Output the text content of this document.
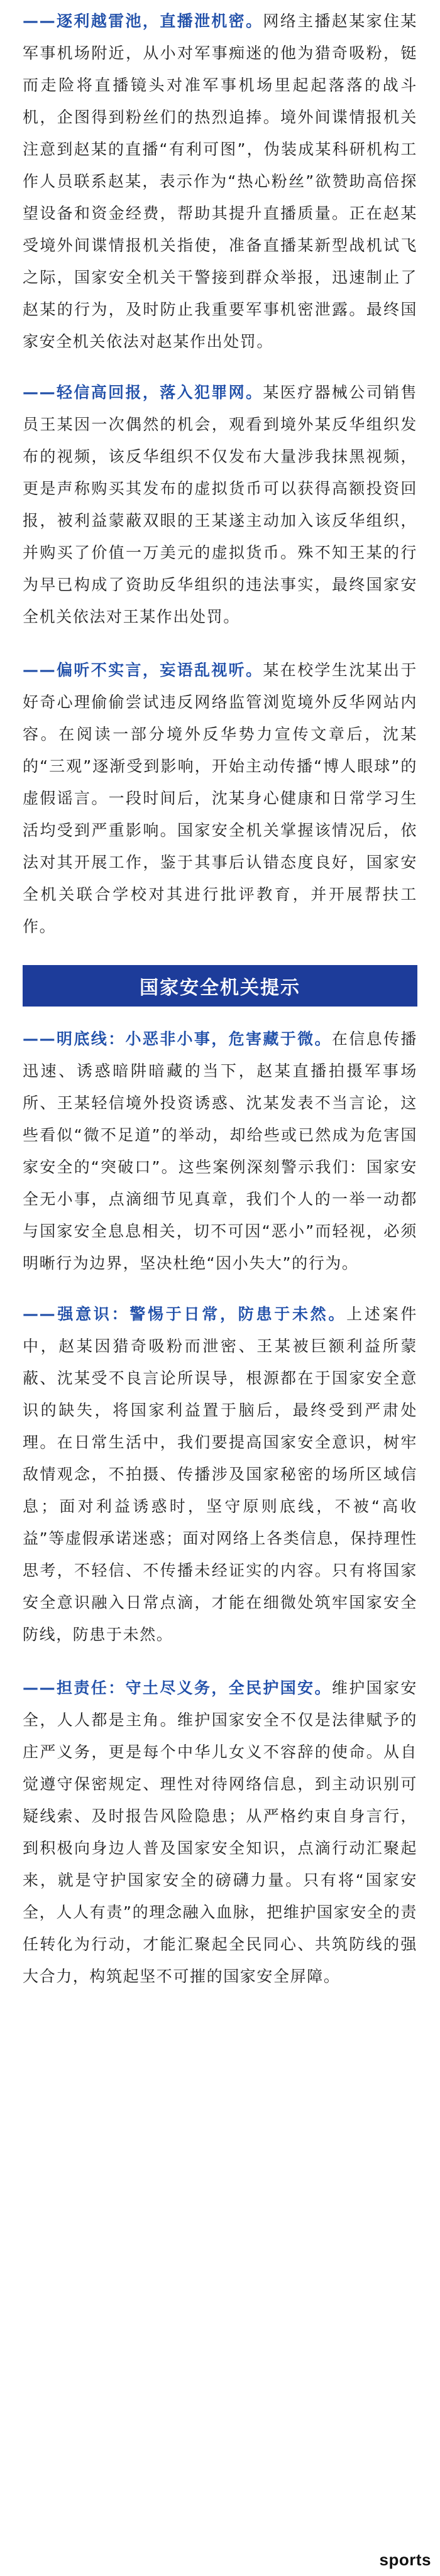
——逐利越雷池，直播泄机密。网络主播赵某家住某军事机场附近，从小对军事痴迷的他为猎奇吸粉，铤而走险将直播镜头对准军事机场里起起落落的战斗机，企图得到粉丝们的热烈追捧。境外间谍情报机关注意到赵某的直播“有利可图”，伪装成某科研机构工作人员联系赵某，表示作为“热心粉丝”欲赞助高倍探望设备和资金经费，帮助其提升直播质量。正在赵某受境外间谍情报机关指使，准备直播某新型战机试飞之际，国家安全机关干警接到群众举报，迅速制止了赵某的行为，及时防止我重要军事机密泄露。最终国家安全机关依法对赵某作出处罚。

——轻信高回报，落入犯罪网。某医疗器械公司销售员王某因一次偶然的机会，观看到境外某反华组织发布的视频，该反华组织不仅发布大量涉我抹黑视频，更是声称购买其发布的虚拟货币可以获得高额投资回报，被利益蒙蔽双眼的王某遂主动加入该反华组织，并购买了价值一万美元的虚拟货币。殊不知王某的行为早已构成了资助反华组织的违法事实，最终国家安全机关依法对王某作出处罚。

——偏听不实言，妄语乱视听。某在校学生沈某出于好奇心理偷偷尝试违反网络监管浏览境外反华网站内容。在阅读一部分境外反华势力宣传文章后，沈某的“三观”逐渐受到影响，开始主动传播“博人眼球”的虚假谣言。一段时间后，沈某身心健康和日常学习生活均受到严重影响。国家安全机关掌握该情况后，依法对其开展工作，鉴于其事后认错态度良好，国家安全机关联合学校对其进行批评教育，并开展帮扶工作。

国家安全机关提示

——明底线：小恶非小事，危害藏于微。在信息传播迅速、诱惑暗阱暗藏的当下，赵某直播拍摄军事场所、王某轻信境外投资诱惑、沈某发表不当言论，这些看似“微不足道”的举动，却给些或已然成为危害国家安全的“突破口”。这些案例深刻警示我们：国家安全无小事，点滴细节见真章，我们个人的一举一动都与国家安全息息相关，切不可因“恶小”而轻视，必须明晰行为边界，坚决杜绝“因小失大”的行为。

——强意识：警惕于日常，防患于未然。上述案件中，赵某因猎奇吸粉而泄密、王某被巨额利益所蒙蔽、沈某受不良言论所误导，根源都在于国家安全意识的缺失，将国家利益置于脑后，最终受到严肃处理。在日常生活中，我们要提高国家安全意识，树牢敌情观念，不拍摄、传播涉及国家秘密的场所区域信息；面对利益诱惑时，坚守原则底线，不被“高收益”等虚假承诺迷惑；面对网络上各类信息，保持理性思考，不轻信、不传播未经证实的内容。只有将国家安全意识融入日常点滴，才能在细微处筑牢国家安全防线，防患于未然。

——担责任：守土尽义务，全民护国安。维护国家安全，人人都是主角。维护国家安全不仅是法律赋予的庄严义务，更是每个中华儿女义不容辞的使命。从自觉遵守保密规定、理性对待网络信息，到主动识别可疑线索、及时报告风险隐患；从严格约束自身言行，到积极向身边人普及国家安全知识，点滴行动汇聚起来，就是守护国家安全的磅礴力量。只有将“国家安全，人人有责”的理念融入血脉，把维护国家安全的责任转化为行动，才能汇聚起全民同心、共筑防线的强大合力，构筑起坚不可摧的国家安全屏障。

sports
